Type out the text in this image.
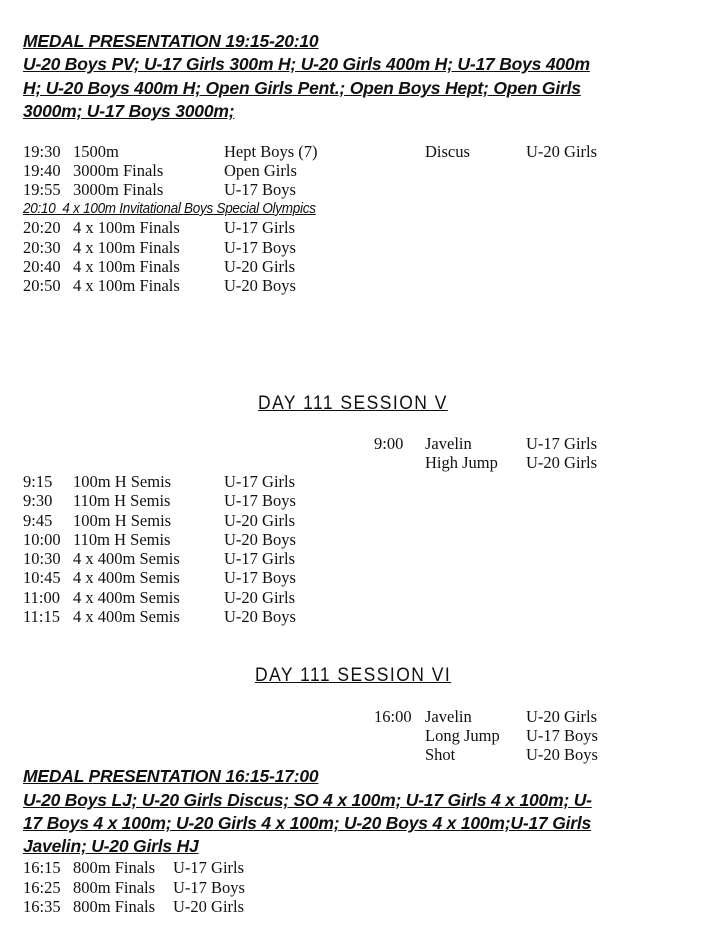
MEDAL PRESENTATION 19:15-20:10
U-20 Boys PV; U-17 Girls 300m H; U-20 Girls 400m H; U-17 Boys 400m
H; U-20 Boys 400m H; Open Girls Pent.; Open Boys Hept; Open Girls
3000m; U-17 Boys 3000m;
19:30 1500m	Hept Boys (7)	Discus	U-20 Girls
19:40 3000m Finals	Open Girls
19:55 3000m Finals	U-17 Boys
20:10 4 x 100m Invitational Boys Special Olympics
20:20 4 x 100m Finals	U-17 Girls
20:30 4 x 100m Finals	U-17 Boys
20:40 4 x 100m Finals	U-20 Girls
20:50 4 x 100m Finals	U-20 Boys
DAY 111 SESSION V
9:00 Javelin	U-17 Girls
High Jump U-20 Girls
9:15 100m H Semis	U-17 Girls
9:30 110m H Semis	U-17 Boys
9:45 100m H Semis	U-20 Girls
10:00 110m H Semis	U-20 Boys
10:30 4 x 400m Semis	U-17 Girls
10:45 4 x 400m Semis	U-17 Boys
11:00 4 x 400m Semis	U-20 Girls
11:15 4 x 400m Semis	U-20 Boys
DAY 111 SESSION VI
16:00 Javelin	U-20 Girls
Long Jump U-17 Boys
Shot	U-20 Boys
MEDAL PRESENTATION 16:15-17:00
U-20 Boys LJ; U-20 Girls Discus; SO 4 x 100m; U-17 Girls 4 x 100m; U-
17 Boys 4 x 100m; U-20 Girls 4 x 100m; U-20 Boys 4 x 100m;U-17 Girls
Javelin; U-20 Girls HJ
16:15 800m Finals U-17 Girls
16:25 800m Finals U-17 Boys
16:35 800m Finals U-20 Girls
